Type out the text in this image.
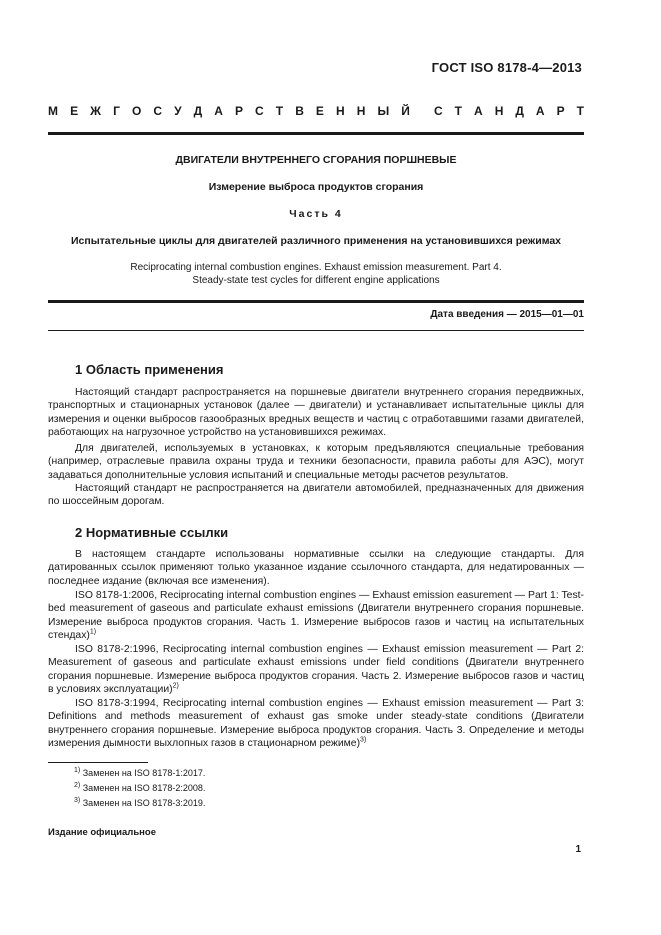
ГОСТ ISO 8178-4—2013
М Е Ж Г О С У Д А Р С Т В Е Н Н Ы Й С Т А Н Д А Р Т
ДВИГАТЕЛИ ВНУТРЕННЕГО СГОРАНИЯ ПОРШНЕВЫЕ
Измерение выброса продуктов сгорания
Часть 4
Испытательные циклы для двигателей различного применения на установившихся режимах
Reciprocating internal combustion engines. Exhaust emission measurement. Part 4.
Steady-state test cycles for different engine applications
Дата введения — 2015—01—01
1 Область применения

Настоящий стандарт распространяется на поршневые двигатели внутреннего сгорания передвижных, транспортных и стационарных установок (далее — двигатели) и устанавливает испытательные циклы для измерения и оценки выбросов газообразных вредных веществ и частиц с отработавшими газами двигателей, работающих на нагрузочное устройство на установившихся режимах.

Для двигателей, используемых в установках, к которым предъявляются специальные требования (например, отраслевые правила охраны труда и техники безопасности, правила работы для АЭС), могут задаваться дополнительные условия испытаний и специальные методы расчетов результатов.

Настоящий стандарт не распространяется на двигатели автомобилей, предназначенных для движения по шоссейным дорогам.

2 Нормативные ссылки

В настоящем стандарте использованы нормативные ссылки на следующие стандарты. Для датированных ссылок применяют только указанное издание ссылочного стандарта, для недатированных — последнее издание (включая все изменения).

ISO 8178-1:2006, Reciprocating internal combustion engines — Exhaust emission easurement — Part 1: Test-bed measurement of gaseous and particulate exhaust emissions (Двигатели внутреннего сгорания поршневые. Измерение выброса продуктов сгорания. Часть 1. Измерение выбросов газов и частиц на испытательных стендах)$^{1)}$

ISO 8178-2:1996, Reciprocating internal combustion engines — Exhaust emission measurement — Part 2: Measurement of gaseous and particulate exhaust emissions under field conditions (Двигатели внутреннего сгорания поршневые. Измерение выброса продуктов сгорания. Часть 2. Измерение выбросов газов и частиц в условиях эксплуатации)$^{2)}$

ISO 8178-3:1994, Reciprocating internal combustion engines — Exhaust emission measurement — Part 3: Definitions and methods measurement of exhaust gas smoke under steady-state conditions (Двигатели внутреннего сгорания поршневые. Измерение выброса продуктов сгорания. Часть 3. Определение и методы измерения дымности выхлопных газов в стационарном режиме)$^{3)}$

$^{1)}$ Заменен на ISO 8178-1:2017.
$^{2)}$ Заменен на ISO 8178-2:2008.
$^{3)}$ Заменен на ISO 8178-3:2019.
Издание официальное
1
